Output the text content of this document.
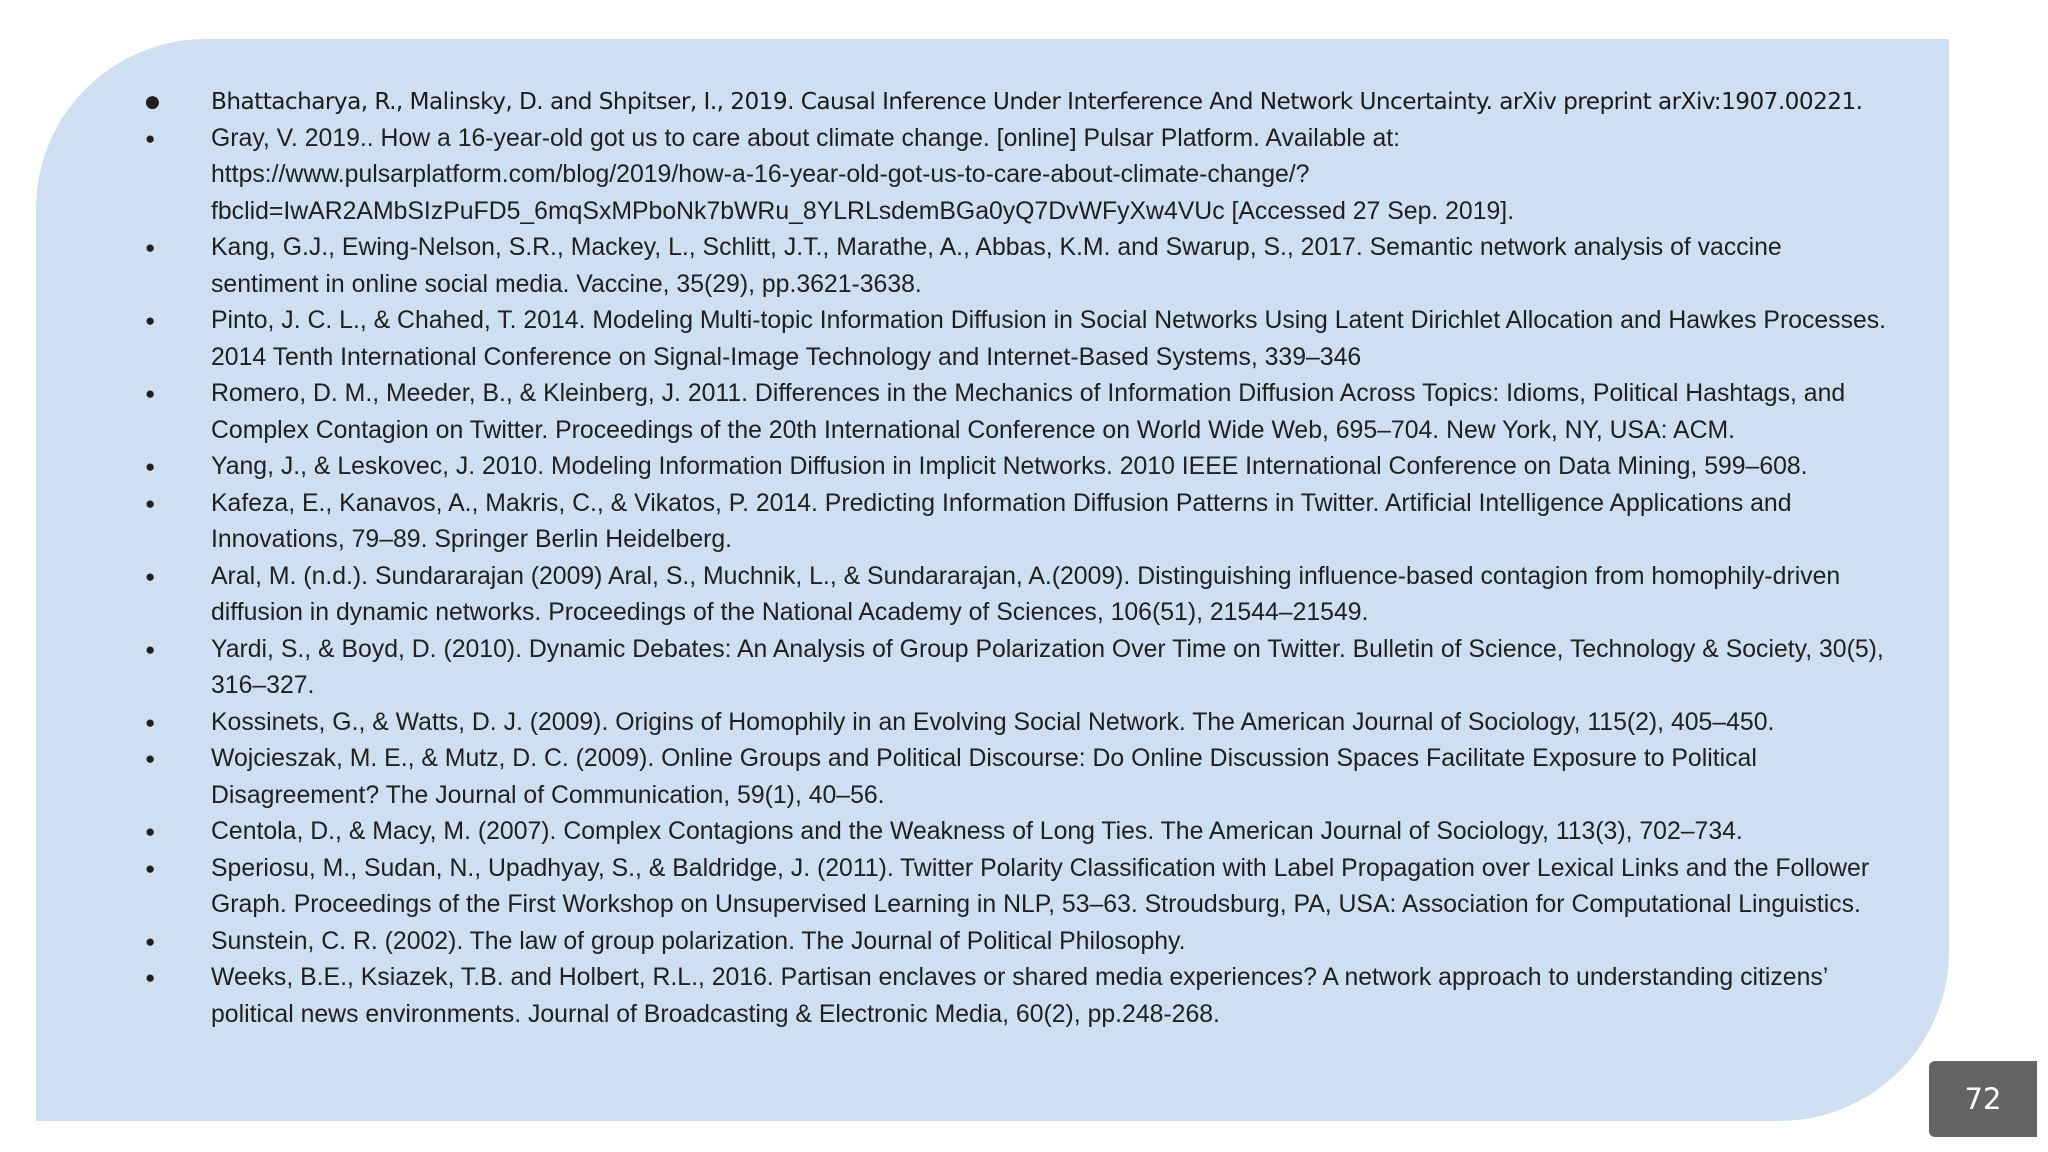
● Bhattacharya, R., Malinsky, D. and Shpitser, I., 2019. Causal Inference Under Interference And Network Uncertainty. arXiv preprint arXiv:1907.00221.
● Gray, V. 2019.. How a 16-year-old got us to care about climate change. [online] Pulsar Platform. Available at: https://www.pulsarplatform.com/blog/2019/how-a-16-year-old-got-us-to-care-about-climate-change/?fbclid=IwAR2AMbSIzPuFD5_6mqSxMPboNk7bWRu_8YLRLsdemBGa0yQ7DvWFyXw4VUc [Accessed 27 Sep. 2019].
● Kang, G.J., Ewing-Nelson, S.R., Mackey, L., Schlitt, J.T., Marathe, A., Abbas, K.M. and Swarup, S., 2017. Semantic network analysis of vaccine sentiment in online social media. Vaccine, 35(29), pp.3621-3638.
● Pinto, J. C. L., & Chahed, T. 2014. Modeling Multi-topic Information Diffusion in Social Networks Using Latent Dirichlet Allocation and Hawkes Processes. 2014 Tenth International Conference on Signal-Image Technology and Internet-Based Systems, 339–346
● Romero, D. M., Meeder, B., & Kleinberg, J. 2011. Differences in the Mechanics of Information Diffusion Across Topics: Idioms, Political Hashtags, and Complex Contagion on Twitter. Proceedings of the 20th International Conference on World Wide Web, 695–704. New York, NY, USA: ACM.
● Yang, J., & Leskovec, J. 2010. Modeling Information Diffusion in Implicit Networks. 2010 IEEE International Conference on Data Mining, 599–608.
● Kafeza, E., Kanavos, A., Makris, C., & Vikatos, P. 2014. Predicting Information Diffusion Patterns in Twitter. Artificial Intelligence Applications and Innovations, 79–89. Springer Berlin Heidelberg.
● Aral, M. (n.d.). Sundararajan (2009) Aral, S., Muchnik, L., & Sundararajan, A.(2009). Distinguishing influence-based contagion from homophily-driven diffusion in dynamic networks. Proceedings of the National Academy of Sciences, 106(51), 21544–21549.
● Yardi, S., & Boyd, D. (2010). Dynamic Debates: An Analysis of Group Polarization Over Time on Twitter. Bulletin of Science, Technology & Society, 30(5), 316–327.
● Kossinets, G., & Watts, D. J. (2009). Origins of Homophily in an Evolving Social Network. The American Journal of Sociology, 115(2), 405–450.
● Wojcieszak, M. E., & Mutz, D. C. (2009). Online Groups and Political Discourse: Do Online Discussion Spaces Facilitate Exposure to Political Disagreement? The Journal of Communication, 59(1), 40–56.
● Centola, D., & Macy, M. (2007). Complex Contagions and the Weakness of Long Ties. The American Journal of Sociology, 113(3), 702–734.
● Speriosu, M., Sudan, N., Upadhyay, S., & Baldridge, J. (2011). Twitter Polarity Classification with Label Propagation over Lexical Links and the Follower Graph. Proceedings of the First Workshop on Unsupervised Learning in NLP, 53–63. Stroudsburg, PA, USA: Association for Computational Linguistics.
● Sunstein, C. R. (2002). The law of group polarization. The Journal of Political Philosophy.
● Weeks, B.E., Ksiazek, T.B. and Holbert, R.L., 2016. Partisan enclaves or shared media experiences? A network approach to understanding citizens’ political news environments. Journal of Broadcasting & Electronic Media, 60(2), pp.248-268.
72
